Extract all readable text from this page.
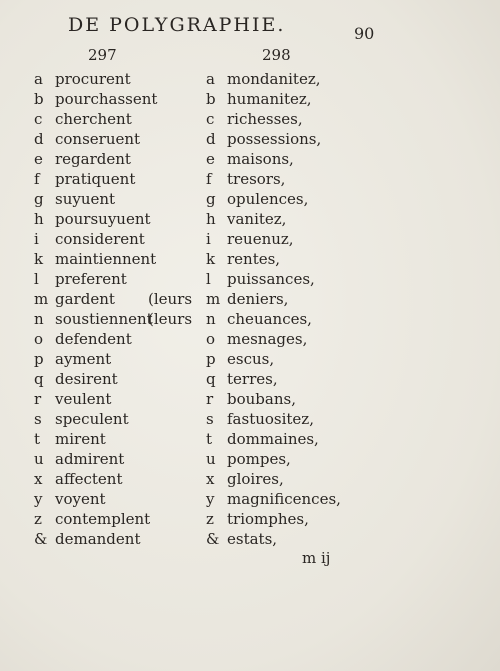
DE POLYGRAPHIE.	90
297	298
a procurent
b pourchassent
c cherchent
d conseruent
e regardent
f pratiquent
g suyuent
h poursuyuent
i considerent
k maintiennent
l preferent
m gardent (leurs
n soustiennent
(leurs
o defendent
p ayment
q desirent
r veulent
s speculent
t mirent
u admirent
x affectent
y voyent
z contemplent
& demandent
a mondanitez,
b humanitez,
c richesses,
d possessions,
e maisons,
f tresors,
g opulences,
h vanitez,
i reuenuz,
k rentes,
l puissances,
m deniers,
n cheuances,
o mesnages,
p escus,
q terres,
r boubans,
s fastuositez,
t dommaines,
u pompes,
x gloires,
y magnificences,
z triomphes,
& estats,
m ij
